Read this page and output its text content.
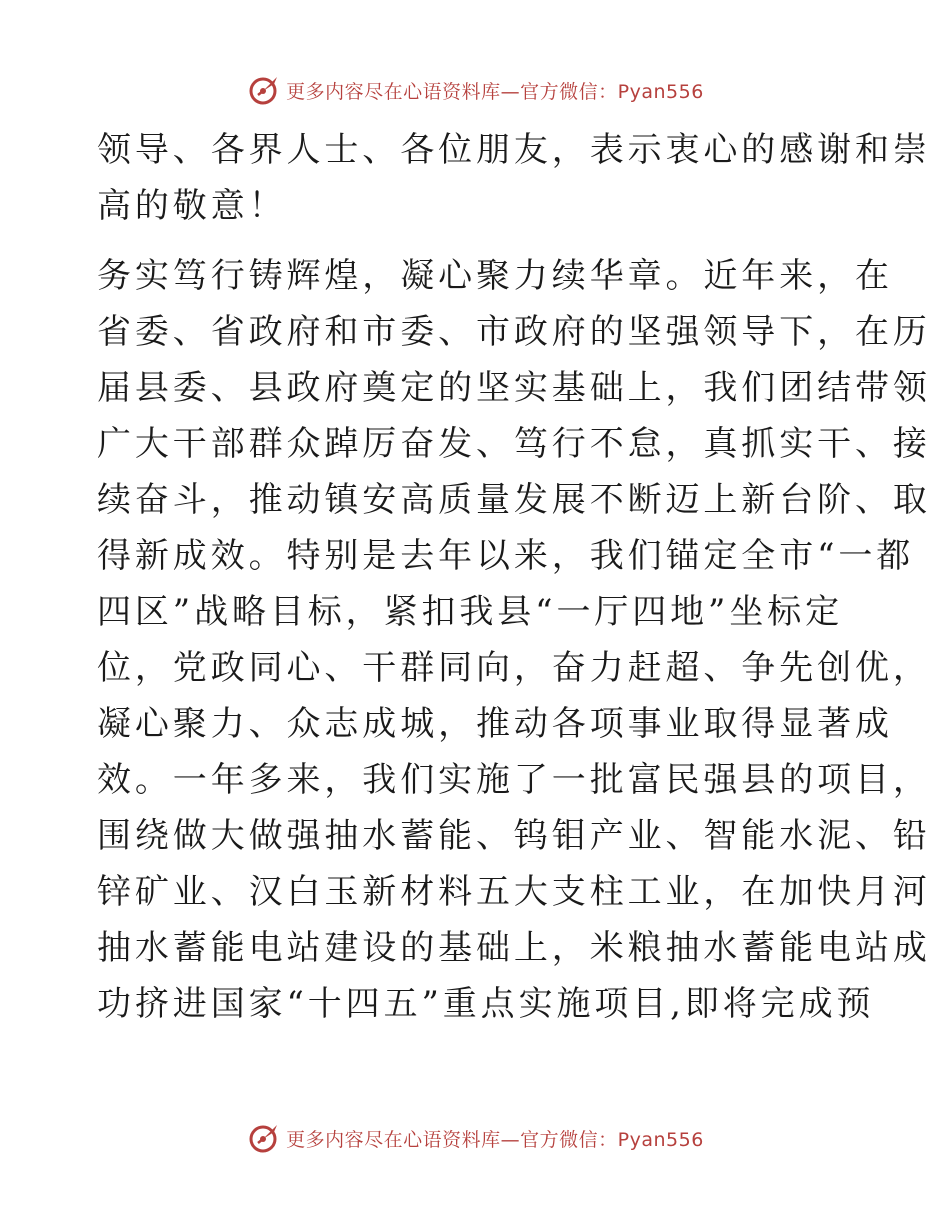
更多内容尽在心语资料库—官方微信：Pyan556
领导、各界人士、各位朋友，表示衷心的感谢和崇
高的敬意！
务实笃行铸辉煌，凝心聚力续华章。近年来，在
省委、省政府和市委、市政府的坚强领导下，在历
届县委、县政府奠定的坚实基础上，我们团结带领
广大干部群众踔厉奋发、笃行不怠，真抓实干、接
续奋斗，推动镇安高质量发展不断迈上新台阶、取
得新成效。特别是去年以来，我们锚定全市“一都
四区”战略目标，紧扣我县“一厅四地”坐标定
位，党政同心、干群同向，奋力赶超、争先创优，
凝心聚力、众志成城，推动各项事业取得显著成
效。一年多来，我们实施了一批富民强县的项目，
围绕做大做强抽水蓄能、钨钼产业、智能水泥、铅
锌矿业、汉白玉新材料五大支柱工业，在加快月河
抽水蓄能电站建设的基础上，米粮抽水蓄能电站成
功挤进国家“十四五”重点实施项目,即将完成预
更多内容尽在心语资料库—官方微信：Pyan556
